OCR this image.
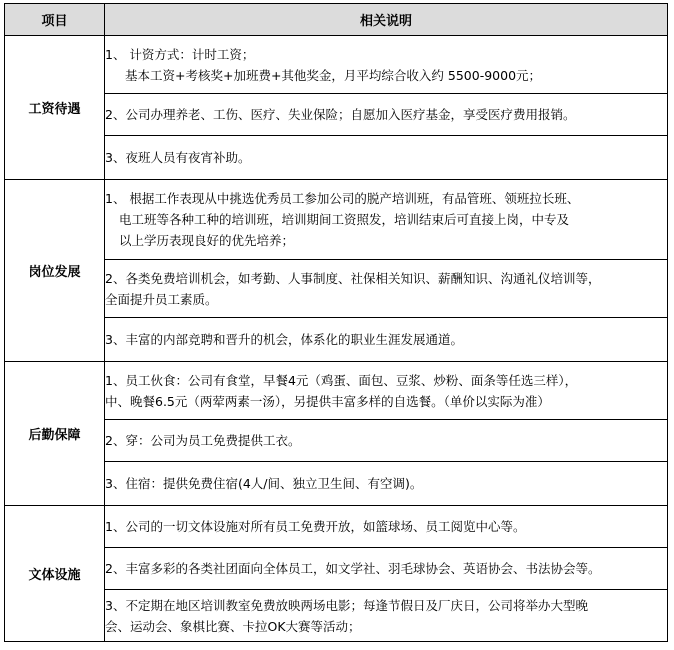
项目	相关说明
工资待遇	1、 计资方式：计时工资；
基本工资+考核奖+加班费+其他奖金，月平均综合收入约 5500-9000元；

	2、公司办理养老、工伤、医疗、失业保险；自愿加入医疗基金，享受医疗费用报销。

	3、夜班人员有夜宵补助。

岗位发展	1、 根据工作表现从中挑选优秀员工参加公司的脱产培训班，有品管班、领班拉长班、
电工班等各种工种的培训班，培训期间工资照发，培训结束后可直接上岗，中专及
以上学历表现良好的优先培养；

	2、各类免费培训机会，如考勤、人事制度、社保相关知识、薪酬知识、沟通礼仪培训等，
全面提升员工素质。

	3、丰富的内部竞聘和晋升的机会，体系化的职业生涯发展通道。

后勤保障	1、员工伙食：公司有食堂，早餐4元（鸡蛋、面包、豆浆、炒粉、面条等任选三样），
中、晚餐6.5元（两荤两素一汤），另提供丰富多样的自选餐。（单价以实际为准）

	2、穿：公司为员工免费提供工衣。

	3、住宿：提供免费住宿(4人/间、独立卫生间、有空调)。

文体设施	1、公司的一切文体设施对所有员工免费开放，如篮球场、员工阅览中心等。

	2、丰富多彩的各类社团面向全体员工，如文学社、羽毛球协会、英语协会、书法协会等。

	3、不定期在地区培训教室免费放映两场电影；每逢节假日及厂庆日，公司将举办大型晚
会、运动会、象棋比赛、卡拉OK大赛等活动；
